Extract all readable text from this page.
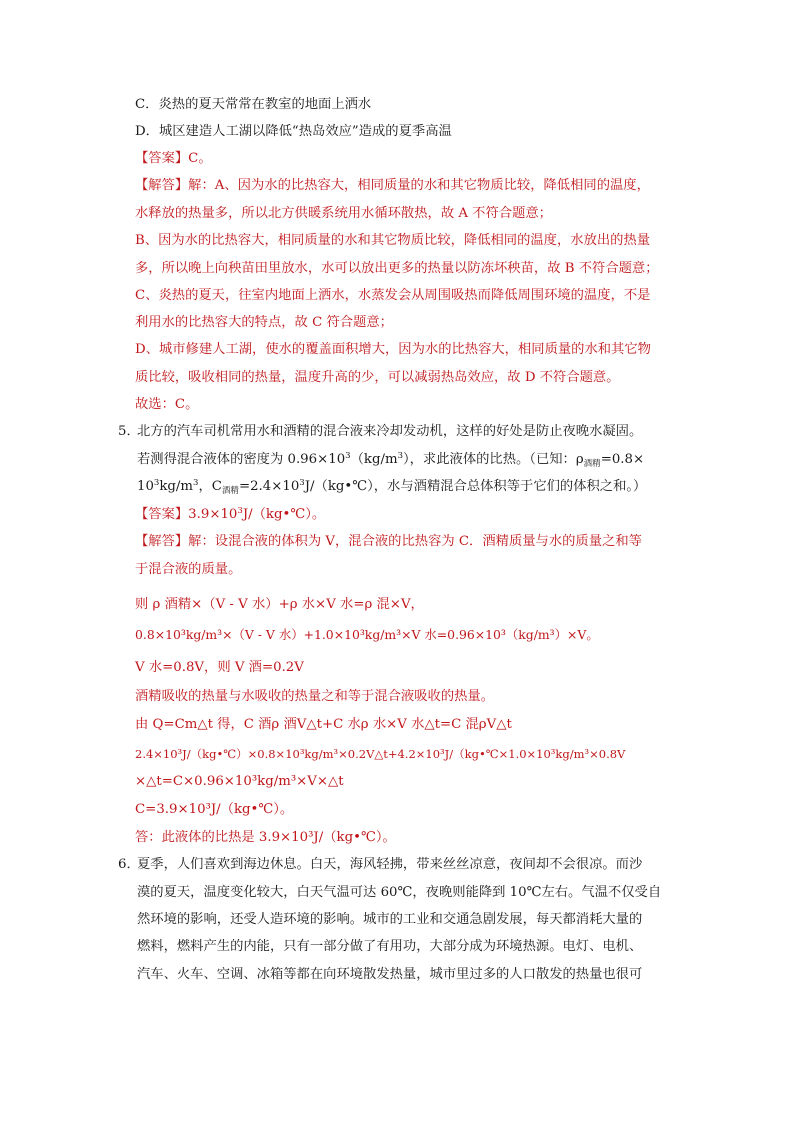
C．炎热的夏天常常在教室的地面上洒水
D．城区建造人工湖以降低“热岛效应”造成的夏季高温
【答案】C。
【解答】解：A、因为水的比热容大，相同质量的水和其它物质比较，降低相同的温度，
水释放的热量多，所以北方供暖系统用水循环散热，故 A 不符合题意；
B、因为水的比热容大，相同质量的水和其它物质比较，降低相同的温度，水放出的热量
多，所以晚上向秧苗田里放水，水可以放出更多的热量以防冻坏秧苗，故 B 不符合题意；
C、炎热的夏天，往室内地面上洒水，水蒸发会从周围吸热而降低周围环境的温度，不是
利用水的比热容大的特点，故 C 符合题意；
D、城市修建人工湖，使水的覆盖面积增大，因为水的比热容大，相同质量的水和其它物
质比较，吸收相同的热量，温度升高的少，可以减弱热岛效应，故 D 不符合题意。
故选：C。
5．
北方的汽车司机常用水和酒精的混合液来冷却发动机，这样的好处是防止夜晚水凝固。
若测得混合液体的密度为 $0.96\times 10^3(kg/m^3)$，求此液体的比热。（已知：$\rho_{酒精}=0.8\times$
$10^3kg/m^3$，$C_{酒精}=2.4\times 10^3J/(kg•℃)$，水与酒精混合总体积等于它们的体积之和。）
【答案】$3.9\times 10^3J/(kg•℃)$。
【解答】解：设混合液的体积为 V，混合液的比热容为 C．酒精质量与水的质量之和等
于混合液的质量。
则 ρ 酒精×（V - V 水）+ρ 水×V 水=ρ 混×V，
0.8×10³kg/m³×（V - V 水）+1.0×10³kg/m³×V 水=0.96×10³（kg/m³）×V。
V 水=0.8V，则 V 酒=0.2V
酒精吸收的热量与水吸收的热量之和等于混合液吸收的热量。
由 Q=Cm△t 得，C 酒ρ 酒V△t+C 水ρ 水×V 水△t=C 混ρV△t
2.4×10³J/（kg•℃）×0.8×10³kg/m³×0.2V△t+4.2×10³J/（kg•℃×1.0×10³kg/m³×0.8V
×△t=C×0.96×10³kg/m³×V×△t
C=3.9×10³J/（kg•℃）。
答：此液体的比热是 3.9×10³J/（kg•℃）。
6．
夏季，人们喜欢到海边休息。白天，海风轻拂，带来丝丝凉意，夜间却不会很凉。而沙
漠的夏天，温度变化较大，白天气温可达 60℃，夜晚则能降到 10℃左右。气温不仅受自
然环境的影响，还受人造环境的影响。城市的工业和交通急剧发展，每天都消耗大量的
燃料，燃料产生的内能，只有一部分做了有用功，大部分成为环境热源。电灯、电机、
汽车、火车、空调、冰箱等都在向环境散发热量，城市里过多的人口散发的热量也很可
